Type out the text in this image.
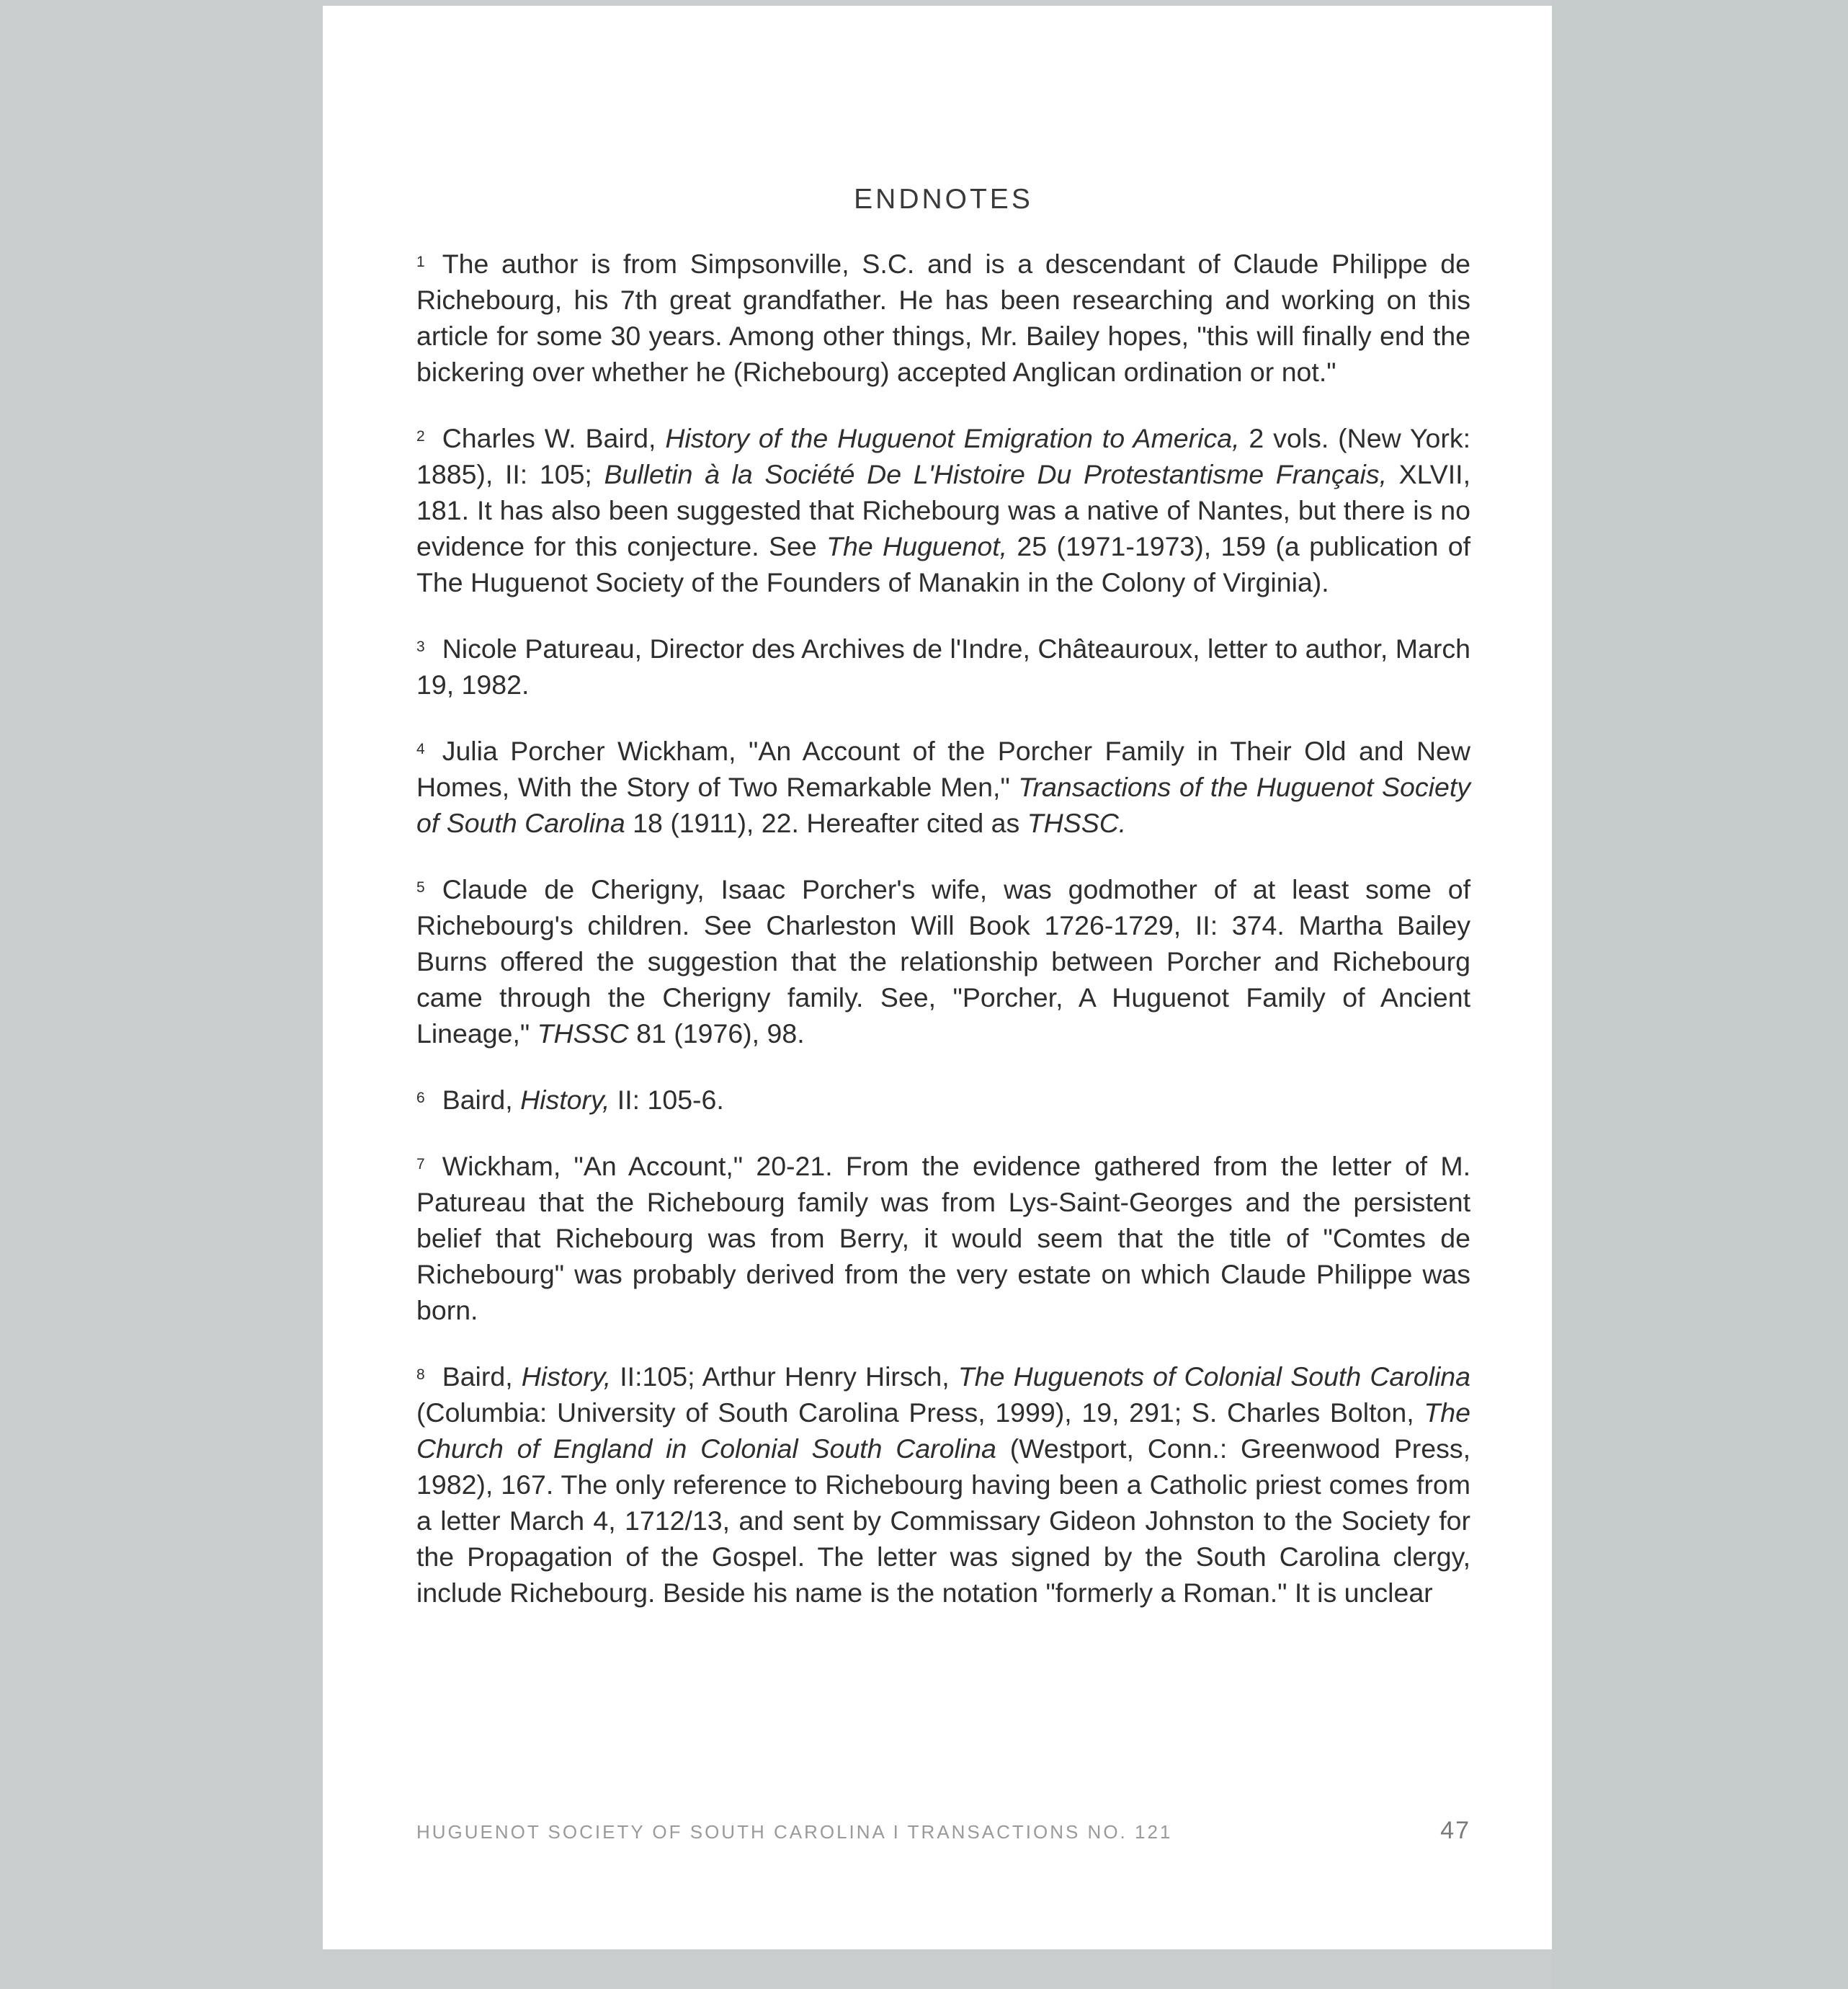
ENDNOTES

$^1$ The author is from Simpsonville, S.C. and is a descendant of Claude Philippe de Richebourg, his 7th great grandfather. He has been researching and working on this article for some 30 years. Among other things, Mr. Bailey hopes, "this will finally end the bickering over whether he (Richebourg) accepted Anglican ordination or not."

$^2$ Charles W. Baird, History of the Huguenot Emigration to America, 2 vols. (New York: 1885), II: 105; Bulletin à la Société De L'Histoire Du Protestantisme Français, XLVII, 181. It has also been suggested that Richebourg was a native of Nantes, but there is no evidence for this conjecture. See The Huguenot, 25 (1971-1973), 159 (a publication of The Huguenot Society of the Founders of Manakin in the Colony of Virginia).

$^3$ Nicole Patureau, Director des Archives de l'Indre, Châteauroux, letter to author, March 19, 1982.

$^4$ Julia Porcher Wickham, "An Account of the Porcher Family in Their Old and New Homes, With the Story of Two Remarkable Men," Transactions of the Huguenot Society of South Carolina 18 (1911), 22. Hereafter cited as THSSC.

$^5$ Claude de Cherigny, Isaac Porcher's wife, was godmother of at least some of Richebourg's children. See Charleston Will Book 1726-1729, II: 374. Martha Bailey Burns offered the suggestion that the relationship between Porcher and Richebourg came through the Cherigny family. See, "Porcher, A Huguenot Family of Ancient Lineage," THSSC 81 (1976), 98.

$^6$ Baird, History, II: 105-6.

$^7$ Wickham, "An Account," 20-21. From the evidence gathered from the letter of M. Patureau that the Richebourg family was from Lys-Saint-Georges and the persistent belief that Richebourg was from Berry, it would seem that the title of "Comtes de Richebourg" was probably derived from the very estate on which Claude Philippe was born.

$^8$ Baird, History, II:105; Arthur Henry Hirsch, The Huguenots of Colonial South Carolina (Columbia: University of South Carolina Press, 1999), 19, 291; S. Charles Bolton, The Church of England in Colonial South Carolina (Westport, Conn.: Greenwood Press, 1982), 167. The only reference to Richebourg having been a Catholic priest comes from a letter March 4, 1712/13, and sent by Commissary Gideon Johnston to the Society for the Propagation of the Gospel. The letter was signed by the South Carolina clergy, include Richebourg. Beside his name is the notation "formerly a Roman." It is unclear

HUGUENOT SOCIETY OF SOUTH CAROLINA I TRANSACTIONS NO. 121	47
